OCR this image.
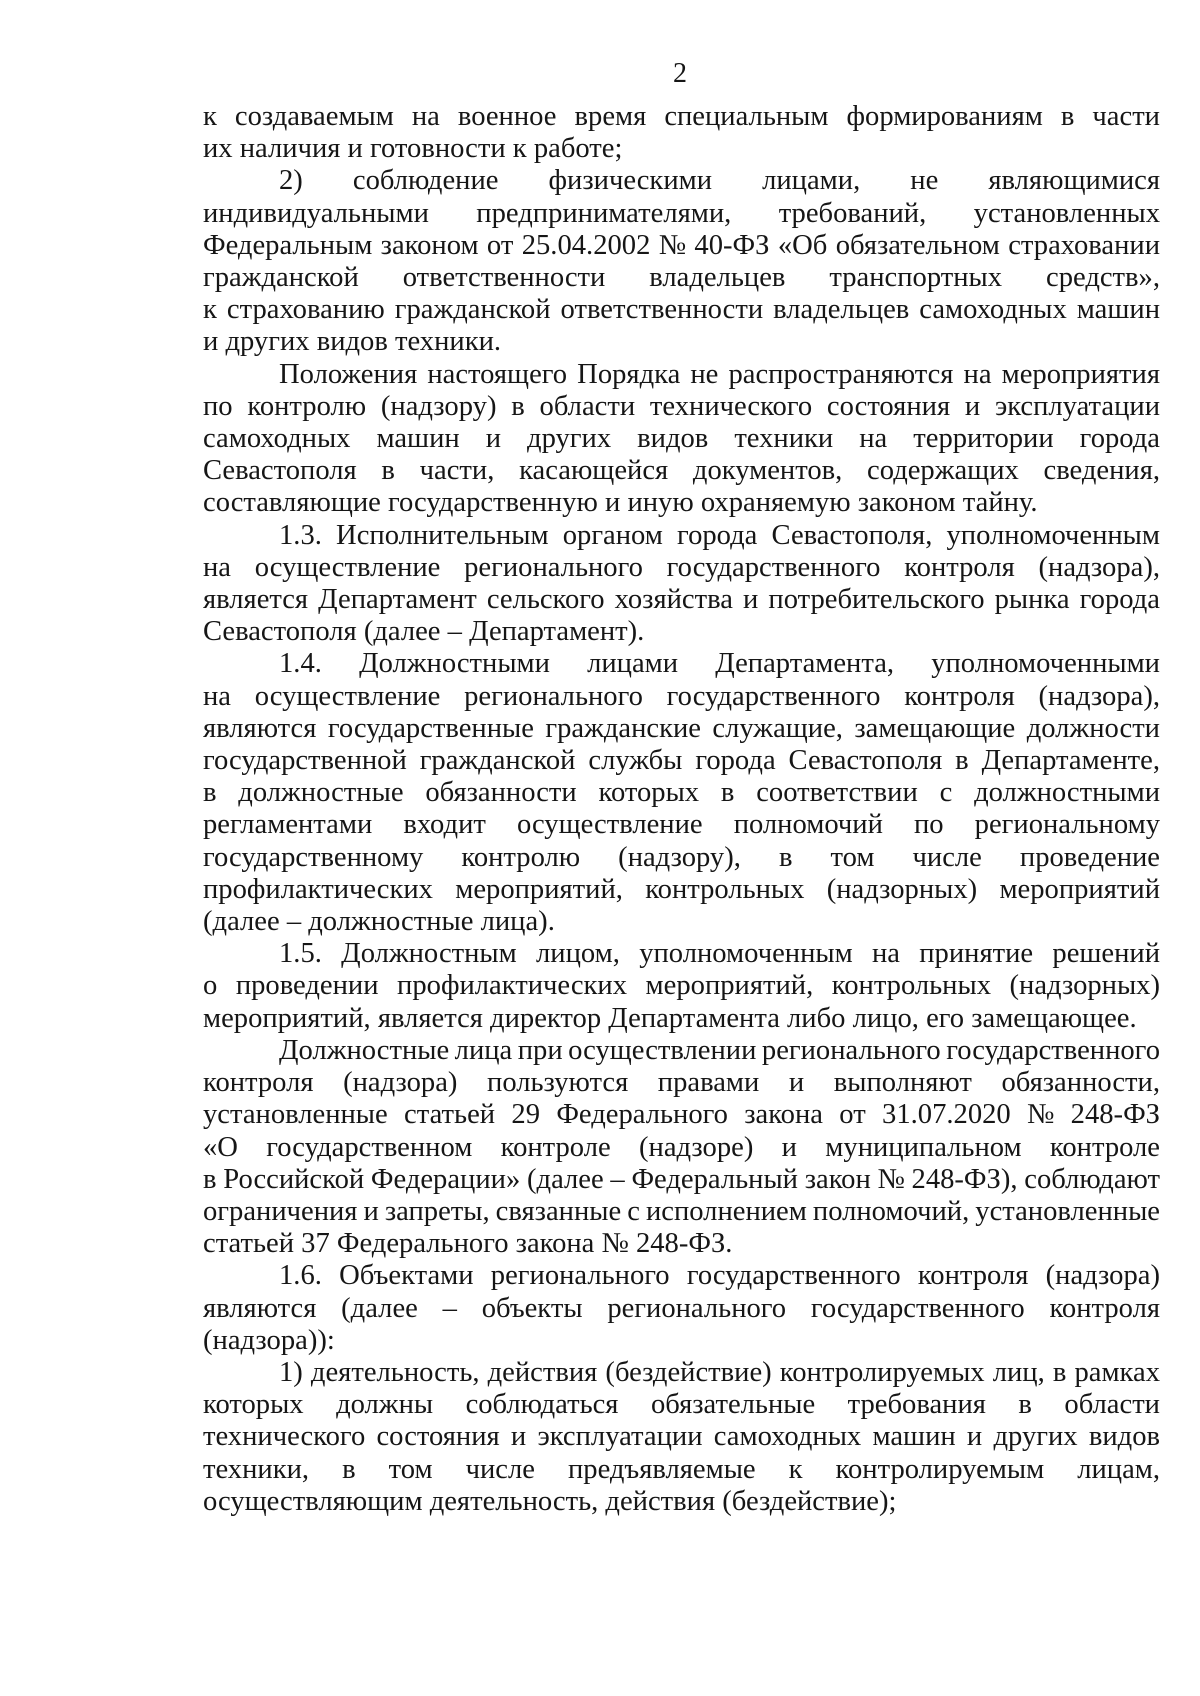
2
к создаваемым на военное время специальным формированиям в части
их наличия и готовности к работе;
2) соблюдение физическими лицами, не являющимися
индивидуальными предпринимателями, требований, установленных
Федеральным законом от 25.04.2002 № 40-ФЗ «Об обязательном страховании
гражданской ответственности владельцев транспортных средств»,
к страхованию гражданской ответственности владельцев самоходных машин
и других видов техники.
Положения настоящего Порядка не распространяются на мероприятия
по контролю (надзору) в области технического состояния и эксплуатации
самоходных машин и других видов техники на территории города
Севастополя в части, касающейся документов, содержащих сведения,
составляющие государственную и иную охраняемую законом тайну.
1.3. Исполнительным органом города Севастополя, уполномоченным
на осуществление регионального государственного контроля (надзора),
является Департамент сельского хозяйства и потребительского рынка города
Севастополя (далее – Департамент).
1.4. Должностными лицами Департамента, уполномоченными
на осуществление регионального государственного контроля (надзора),
являются государственные гражданские служащие, замещающие должности
государственной гражданской службы города Севастополя в Департаменте,
в должностные обязанности которых в соответствии с должностными
регламентами входит осуществление полномочий по региональному
государственному контролю (надзору), в том числе проведение
профилактических мероприятий, контрольных (надзорных) мероприятий
(далее – должностные лица).
1.5. Должностным лицом, уполномоченным на принятие решений
о проведении профилактических мероприятий, контрольных (надзорных)
мероприятий, является директор Департамента либо лицо, его замещающее.
Должностные лица при осуществлении регионального государственного
контроля (надзора) пользуются правами и выполняют обязанности,
установленные статьей 29 Федерального закона от 31.07.2020 № 248-ФЗ
«О государственном контроле (надзоре) и муниципальном контроле
в Российской Федерации» (далее – Федеральный закон № 248-ФЗ), соблюдают
ограничения и запреты, связанные с исполнением полномочий, установленные
статьей 37 Федерального закона № 248-ФЗ.
1.6. Объектами регионального государственного контроля (надзора)
являются (далее – объекты регионального государственного контроля
(надзора)):
1) деятельность, действия (бездействие) контролируемых лиц, в рамках
которых должны соблюдаться обязательные требования в области
технического состояния и эксплуатации самоходных машин и других видов
техники, в том числе предъявляемые к контролируемым лицам,
осуществляющим деятельность, действия (бездействие);
